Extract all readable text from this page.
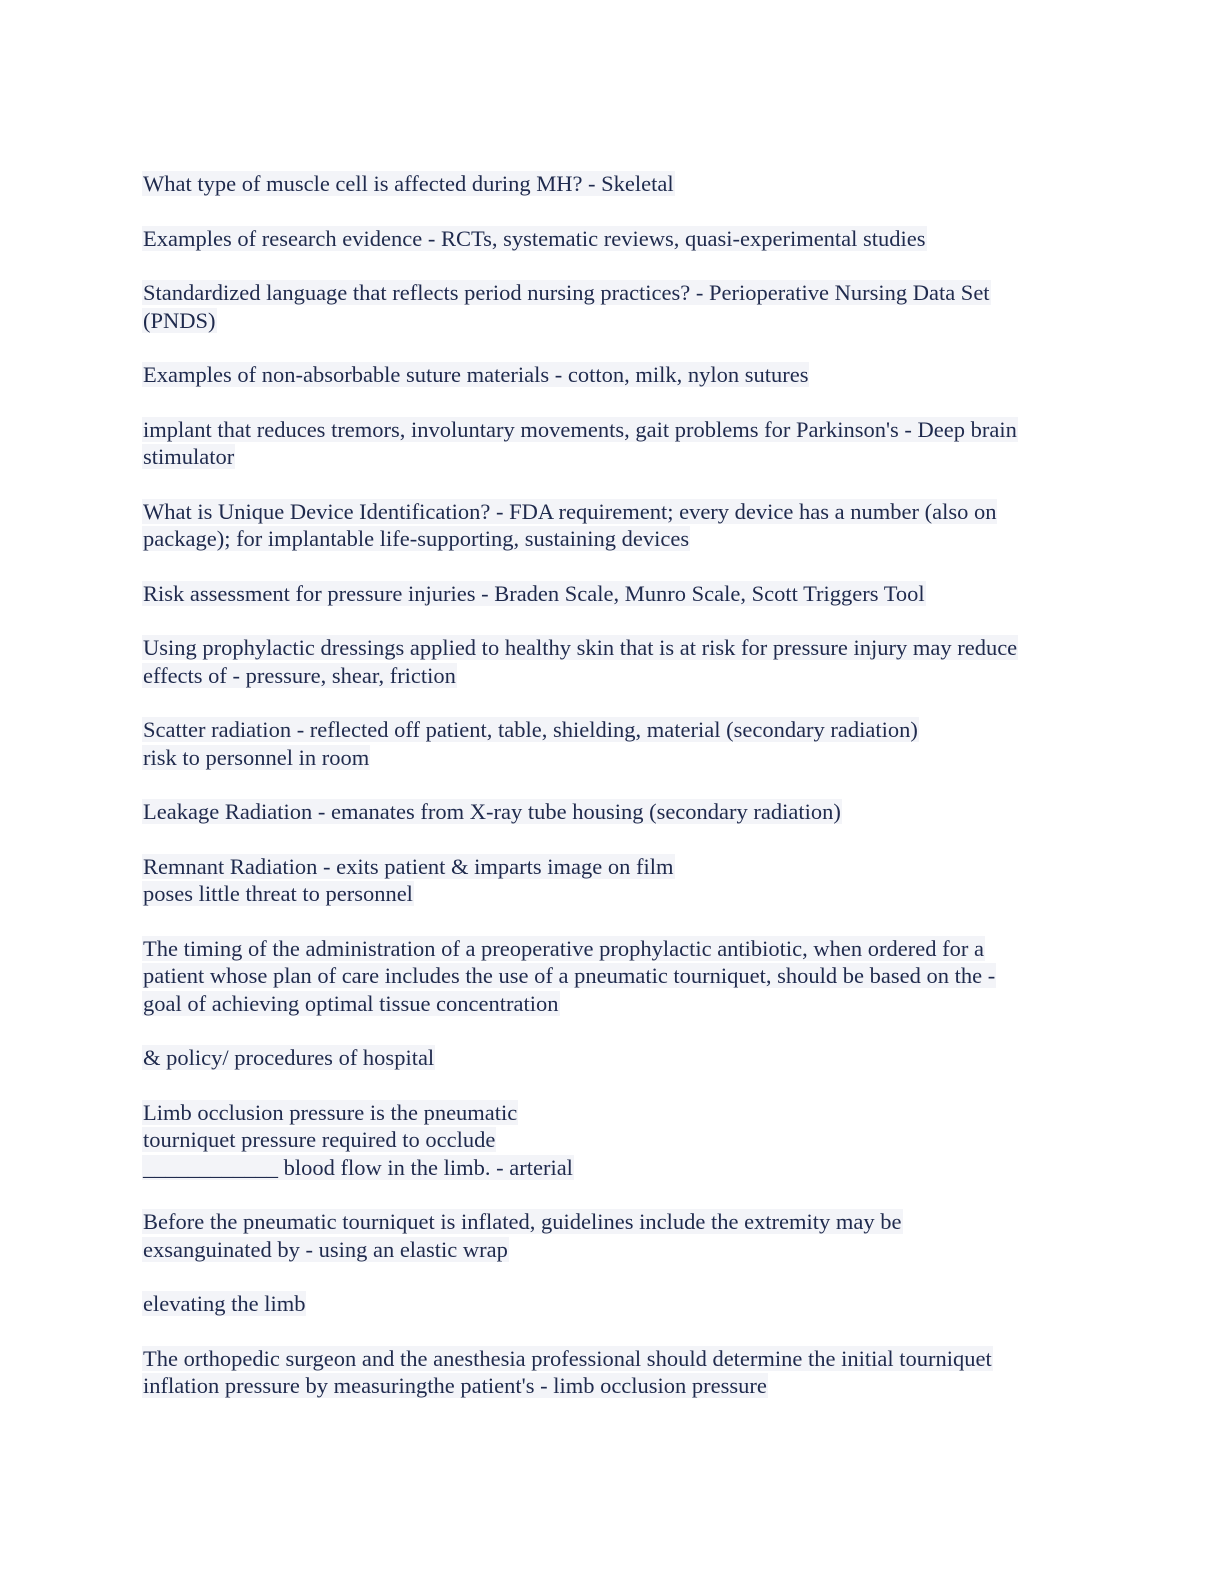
What type of muscle cell is affected during MH? - Skeletal
Examples of research evidence - RCTs, systematic reviews, quasi-experimental studies
Standardized language that reflects period nursing practices? - Perioperative Nursing Data Set
(PNDS)
Examples of non-absorbable suture materials - cotton, milk, nylon sutures
implant that reduces tremors, involuntary movements, gait problems for Parkinson's - Deep brain
stimulator
What is Unique Device Identification? - FDA requirement; every device has a number (also on
package); for implantable life-supporting, sustaining devices
Risk assessment for pressure injuries - Braden Scale, Munro Scale, Scott Triggers Tool
Using prophylactic dressings applied to healthy skin that is at risk for pressure injury may reduce
effects of - pressure, shear, friction
Scatter radiation - reflected off patient, table, shielding, material (secondary radiation)
risk to personnel in room
Leakage Radiation - emanates from X-ray tube housing (secondary radiation)
Remnant Radiation - exits patient & imparts image on film
poses little threat to personnel
The timing of the administration of a preoperative prophylactic antibiotic, when ordered for a
patient whose plan of care includes the use of a pneumatic tourniquet, should be based on the -
goal of achieving optimal tissue concentration
& policy/ procedures of hospital
Limb occlusion pressure is the pneumatic
tourniquet pressure required to occlude
____________ blood flow in the limb. - arterial
Before the pneumatic tourniquet is inflated, guidelines include the extremity may be
exsanguinated by - using an elastic wrap
elevating the limb
The orthopedic surgeon and the anesthesia professional should determine the initial tourniquet
inflation pressure by measuringthe patient's - limb occlusion pressure
